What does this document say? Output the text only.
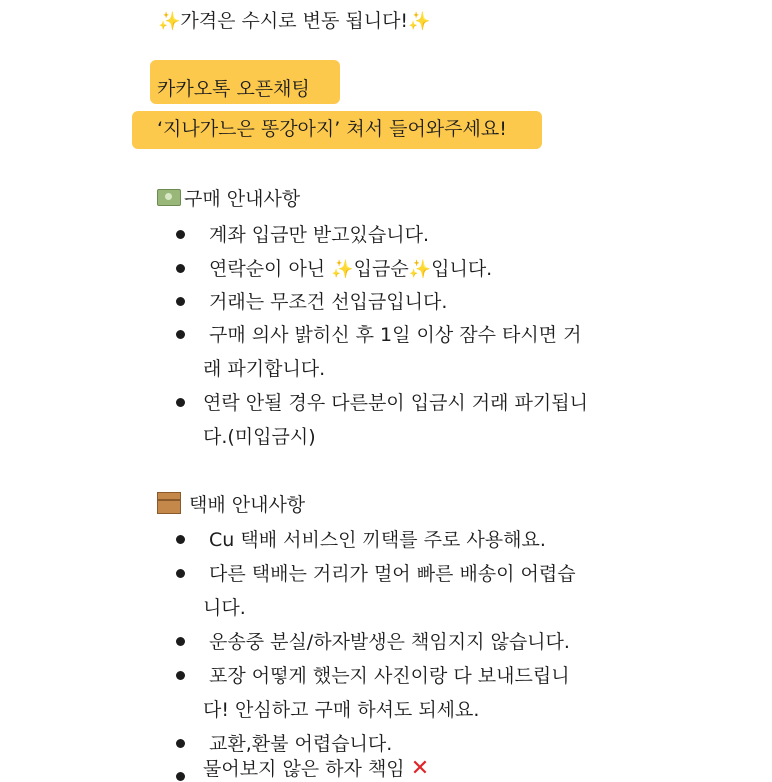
✨가격은 수시로 변동 됩니다!✨
카카오톡 오픈채팅
‘지나가느은 똥강아지’ 쳐서 들어와주세요!
구매 안내사항
계좌 입금만 받고있습니다.
연락순이 아닌 ✨입금순✨입니다.
거래는 무조건 선입금입니다.
구매 의사 밝히신 후 1일 이상 잠수 타시면 거
래 파기합니다.
연락 안될 경우 다른분이 입금시 거래 파기됩니
다.(미입금시)
택배 안내사항
Cu 택배 서비스인 끼택를 주로 사용해요.
다른 택배는 거리가 멀어 빠른 배송이 어렵습
니다.
운송중 분실/하자발생은 책임지지 않습니다.
포장 어떻게 했는지 사진이랑 다 보내드립니
다! 안심하고 구매 하셔도 되세요.
교환,환불 어렵습니다.
물어보지 않은 하자 책임 ✕
